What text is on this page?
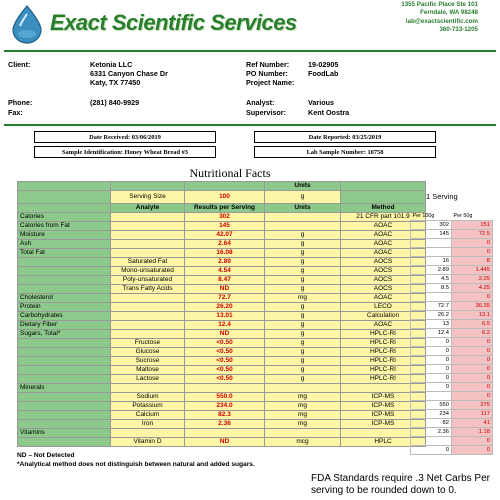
Exact Scientific Services
1355 Pacific Place Ste 101
Ferndale, WA 98248
lab@exactscientific.com
360-733-1205
Client:	Ketonia LLC
6331 Canyon Chase Dr
Katy, TX 77450
Ref Number:	19-02905
PO Number:	FoodLab
Project Name:
Phone:	(281) 840-9929
Fax:
Analyst:	Various
Supervisor:	Kent Oostra
Date Received: 03/06/2019	Date Reported: 03/25/2019
Sample Identification: Honey Wheat Bread #3	Lab Sample Number: 10758
Nutritional Facts
			Units	
	Serving Size	100	g	
	Analyte	Results per Serving	Units	Method
Calories		302		21 CFR part 101.9
Calories from Fat		145		AOAC
Moisture		42.07	g	AOAC
Ash		2.64	g	AOAC
Total Fat		16.08	g	AOAC
	Saturated Fat	2.89	g	AOCS
	Mono-unsaturated	4.54	g	AOCS
	Poly-unsaturated	8.47	g	AOCS
	Trans Fatty Acids	ND	g	AOCS
Cholesterol		72.7	mg	AOAC
Protein		26.20	g	LECO
Carbohydrates		13.01	g	Calculation
Dietary Fiber		12.4	g	AOAC
Sugars, Total*		ND	g	HPLC-RI
	Fructose	<0.50	g	HPLC-RI
	Glucose	<0.50	g	HPLC-RI
	Sucrose	<0.50	g	HPLC-RI
	Maltose	<0.50	g	HPLC-RI
	Lactose	<0.50	g	HPLC-RI
Minerals				
	Sodium	550.0	mg	ICP-MS
	Potassium	234.0	mg	ICP-MS
	Calcium	82.3	mg	ICP-MS
	Iron	2.36	mg	ICP-MS
Vitamins				
	Vitamin D	ND	mcg	HPLC
1 Serving
Per 100g	Per 50g
302	151
145	72.5
	0
	0
16	8
2.89	1.445
4.5	2.25
8.5	4.25
	0
72.7	36.35
26.2	13.1
13	6.5
12.4	6.2
0	0
0	0
0	0
0	0
0	0
0	0
	0
550	275
234	117
82	41
2.36	1.18
	0
0	0
ND – Not Detected
*Analytical method does not distinguish between natural and added sugars.
FDA Standards require .3 Net Carbs Per serving to be rounded down to 0.
